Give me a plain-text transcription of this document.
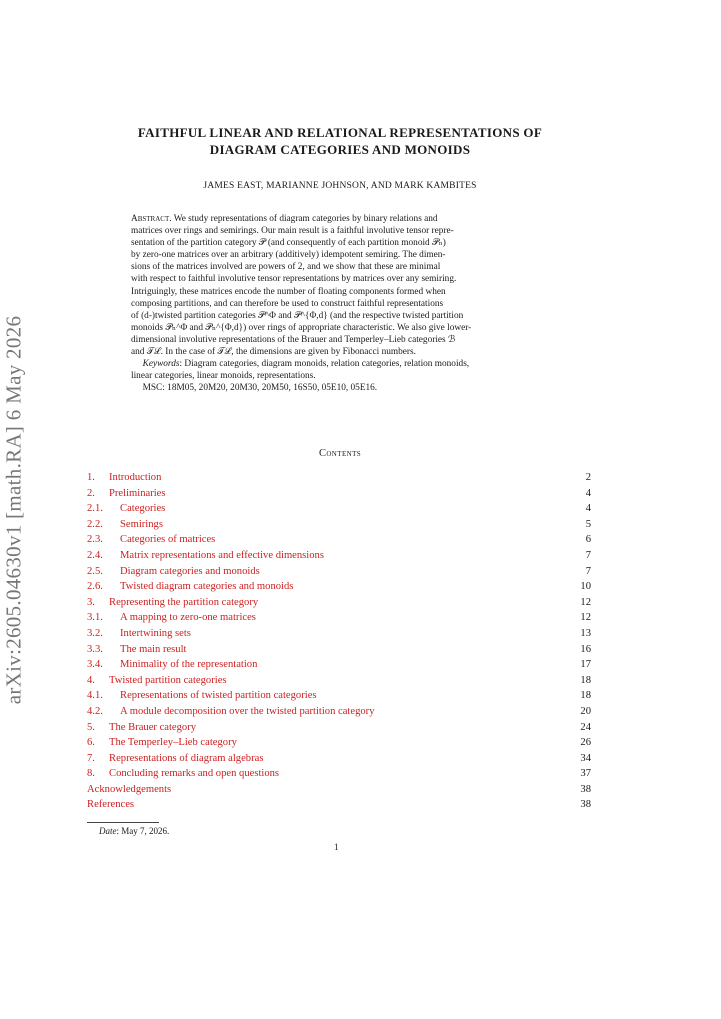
arXiv:2605.04630v1 [math.RA] 6 May 2026
FAITHFUL LINEAR AND RELATIONAL REPRESENTATIONS OF
DIAGRAM CATEGORIES AND MONOIDS
JAMES EAST, MARIANNE JOHNSON, AND MARK KAMBITES
Abstract. We study representations of diagram categories by binary relations and
matrices over rings and semirings. Our main result is a faithful involutive tensor repre-
sentation of the partition category 𝒫 (and consequently of each partition monoid 𝒫ₙ)
by zero-one matrices over an arbitrary (additively) idempotent semiring. The dimen-
sions of the matrices involved are powers of 2, and we show that these are minimal
with respect to faithful involutive tensor representations by matrices over any semiring.
Intriguingly, these matrices encode the number of floating components formed when
composing partitions, and can therefore be used to construct faithful representations
of (d-)twisted partition categories 𝒫^Φ and 𝒫^{Φ,d} (and the respective twisted partition
monoids 𝒫ₙ^Φ and 𝒫ₙ^{Φ,d}) over rings of appropriate characteristic. We also give lower-
dimensional involutive representations of the Brauer and Temperley–Lieb categories ℬ
and 𝒯ℒ. In the case of 𝒯ℒ, the dimensions are given by Fibonacci numbers.
Keywords: Diagram categories, diagram monoids, relation categories, relation monoids,
linear categories, linear monoids, representations.
MSC: 18M05, 20M20, 20M30, 20M50, 16S50, 05E10, 05E16.
Contents
1. Introduction	2
2. Preliminaries	4
2.1. Categories	4
2.2. Semirings	5
2.3. Categories of matrices	6
2.4. Matrix representations and effective dimensions	7
2.5. Diagram categories and monoids	7
2.6. Twisted diagram categories and monoids	10
3. Representing the partition category	12
3.1. A mapping to zero-one matrices	12
3.2. Intertwining sets	13
3.3. The main result	16
3.4. Minimality of the representation	17
4. Twisted partition categories	18
4.1. Representations of twisted partition categories	18
4.2. A module decomposition over the twisted partition category	20
5. The Brauer category	24
6. The Temperley–Lieb category	26
7. Representations of diagram algebras	34
8. Concluding remarks and open questions	37
Acknowledgements	38
References	38
Date: May 7, 2026.
1
